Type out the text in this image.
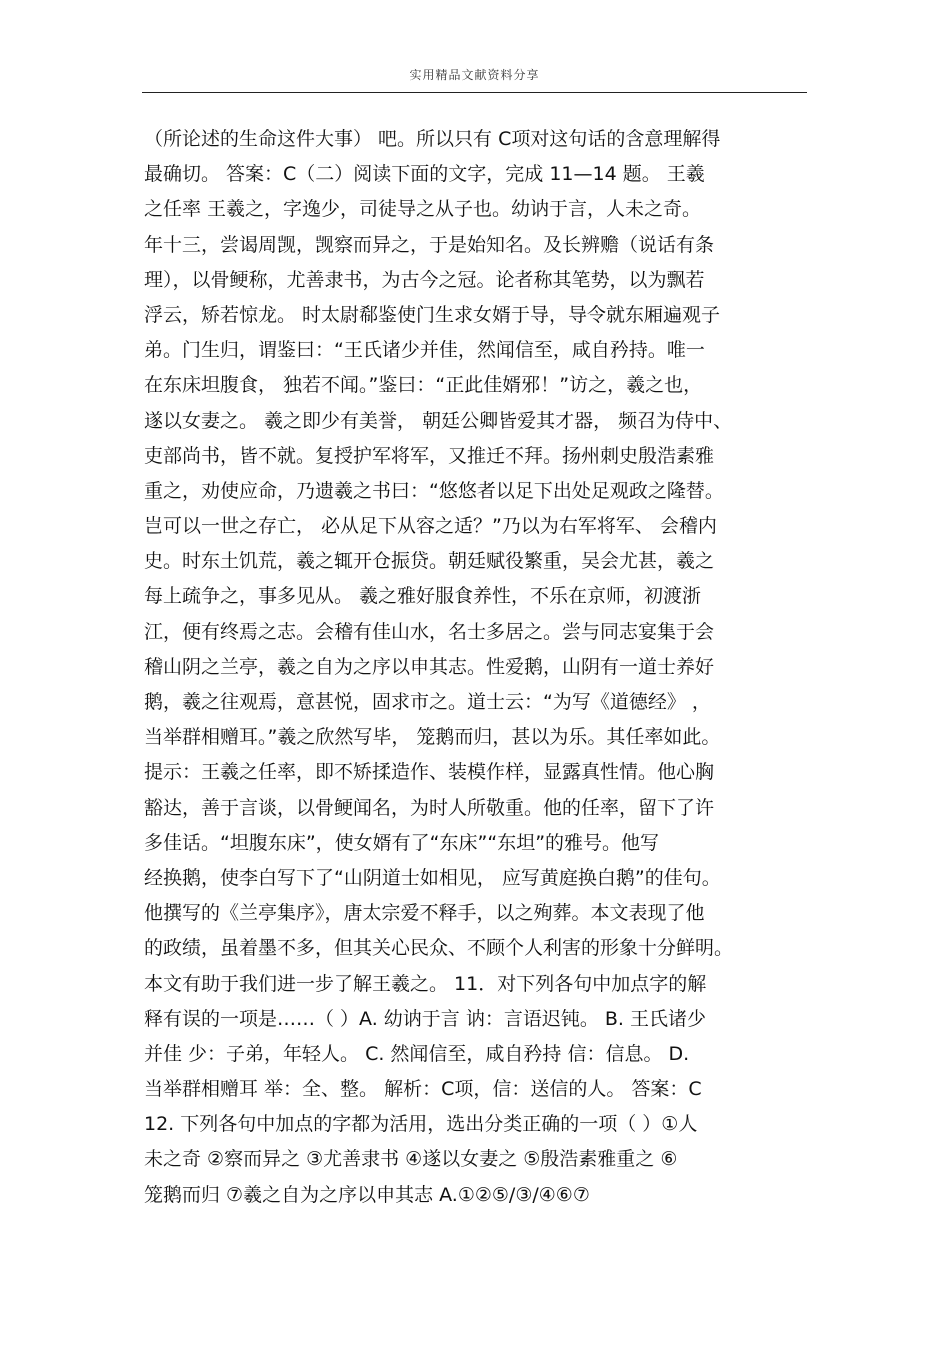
实用精品文献资料分享
（所论述的生命这件大事） 吧。所以只有 C项对这句话的含意理解得
最确切。 答案：C（二）阅读下面的文字，完成 11—14 题。 王羲
之任率 王羲之，字逸少，司徒导之从子也。幼讷于言，人未之奇。
年十三，尝谒周觊，觊察而异之，于是始知名。及长辨赡（说话有条
理），以骨鲠称，尤善隶书，为古今之冠。论者称其笔势，以为飘若
浮云，矫若惊龙。 时太尉郗鉴使门生求女婿于导，导令就东厢遍观子
弟。门生归，谓鉴曰：“王氏诸少并佳，然闻信至，咸自矜持。唯一
在东床坦腹食， 独若不闻。”鉴曰：“正此佳婿邪！”访之，羲之也，
遂以女妻之。 羲之即少有美誉， 朝廷公卿皆爱其才器， 频召为侍中、
吏部尚书，皆不就。复授护军将军，又推迁不拜。扬州刺史殷浩素雅
重之，劝使应命，乃遗羲之书曰：“悠悠者以足下出处足观政之隆替。
岂可以一世之存亡， 必从足下从容之适？”乃以为右军将军、 会稽内
史。时东土饥荒，羲之辄开仓振贷。朝廷赋役繁重，吴会尤甚，羲之
每上疏争之，事多见从。 羲之雅好服食养性，不乐在京师，初渡浙
江，便有终焉之志。会稽有佳山水，名士多居之。尝与同志宴集于会
稽山阴之兰亭，羲之自为之序以申其志。性爱鹅，山阴有一道士养好
鹅，羲之往观焉，意甚悦，固求市之。道士云：“为写《道德经》 ，
当举群相赠耳。”羲之欣然写毕， 笼鹅而归，甚以为乐。其任率如此。
提示：王羲之任率，即不矫揉造作、装模作样，显露真性情。他心胸
豁达，善于言谈，以骨鲠闻名，为时人所敬重。他的任率，留下了许
多佳话。“坦腹东床”，使女婿有了“东床”“东坦”的雅号。他写
经换鹅，使李白写下了“山阴道士如相见， 应写黄庭换白鹅”的佳句。
他撰写的《兰亭集序》，唐太宗爱不释手，以之殉葬。本文表现了他
的政绩，虽着墨不多，但其关心民众、不顾个人利害的形象十分鲜明。
本文有助于我们进一步了解王羲之。 11．对下列各句中加点字的解
释有误的一项是……（ ）A. 幼讷于言 讷：言语迟钝。 B. 王氏诸少
并佳 少：子弟，年轻人。 C. 然闻信至，咸自矜持 信：信息。 D.
当举群相赠耳 举：全、整。 解析：C项，信：送信的人。 答案：C
12. 下列各句中加点的字都为活用，选出分类正确的一项（ ）①人
未之奇 ②察而异之 ③尤善隶书 ④遂以女妻之 ⑤殷浩素雅重之 ⑥
笼鹅而归 ⑦羲之自为之序以申其志 A.①②⑤/③/④⑥⑦
